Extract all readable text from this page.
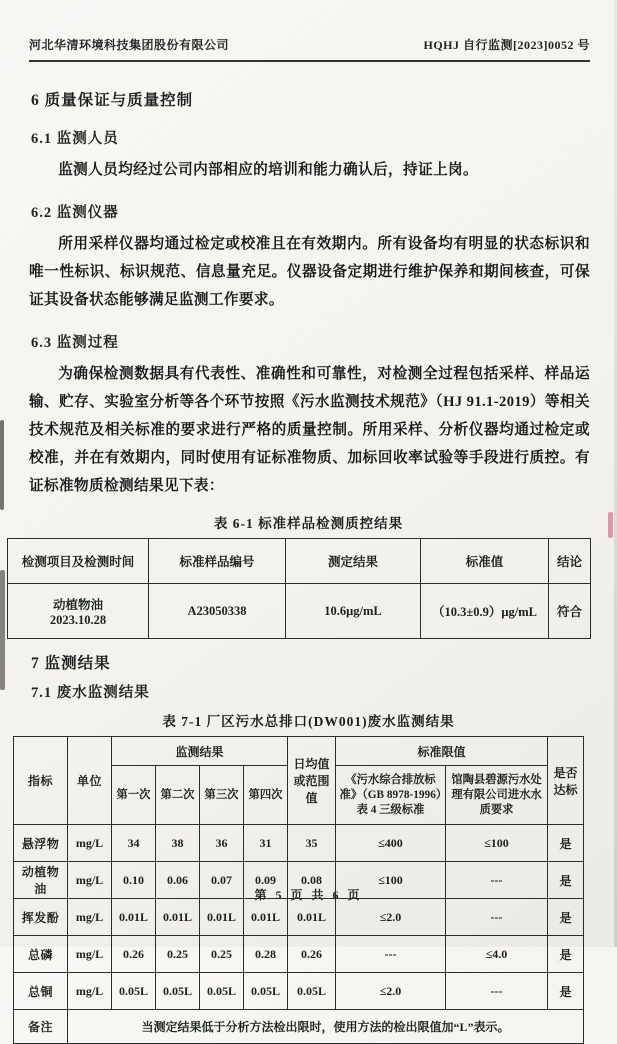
河北华清环境科技集团股份有限公司	HQHJ 自行监测[2023]0052 号
6 质量保证与质量控制
6.1 监测人员

监测人员均经过公司内部相应的培训和能力确认后，持证上岗。

6.2 监测仪器

所用采样仪器均通过检定或校准且在有效期内。所有设备均有明显的状态标识和唯一性标识、标识规范、信息量充足。仪器设备定期进行维护保养和期间核查，可保证其设备状态能够满足监测工作要求。

6.3 监测过程

为确保检测数据具有代表性、准确性和可靠性，对检测全过程包括采样、样品运输、贮存、实验室分析等各个环节按照《污水监测技术规范》（HJ 91.1-2019）等相关技术规范及相关标准的要求进行严格的质量控制。所用采样、分析仪器均通过检定或校准，并在有效期内，同时使用有证标准物质、加标回收率试验等手段进行质控。有证标准物质检测结果见下表：

表 6-1 标准样品检测质控结果
检测项目及检测时间	标准样品编号	测定结果	标准值	结论

动植物油
2023.10.28	A23050338	10.6μg/mL	（10.3±0.9）μg/mL	符合
7 监测结果
7.1 废水监测结果
表 7-1 厂区污水总排口(DW001)废水监测结果
指标	单位	监测结果				日均值或范围值	标准限值		是否达标
		第一次	第二次	第三次	第四次		《污水综合排放标准》（GB 8978-1996）表 4 三级标准	馆陶县碧源污水处理有限公司进水水质要求	
悬浮物	mg/L	34	38	36	31	35	≤400	≤100	是
动植物油	mg/L	0.10	0.06	0.07	0.09	0.08	≤100	---	是
挥发酚	mg/L	0.01L	0.01L	0.01L	0.01L	0.01L	≤2.0	---	是
总磷	mg/L	0.26	0.25	0.25	0.28	0.26	---	≤4.0	是
总铜	mg/L	0.05L	0.05L	0.05L	0.05L	0.05L	≤2.0	---	是
备注	当测定结果低于分析方法检出限时，使用方法的检出限值加“L”表示。								
第 5 页 共 6 页
